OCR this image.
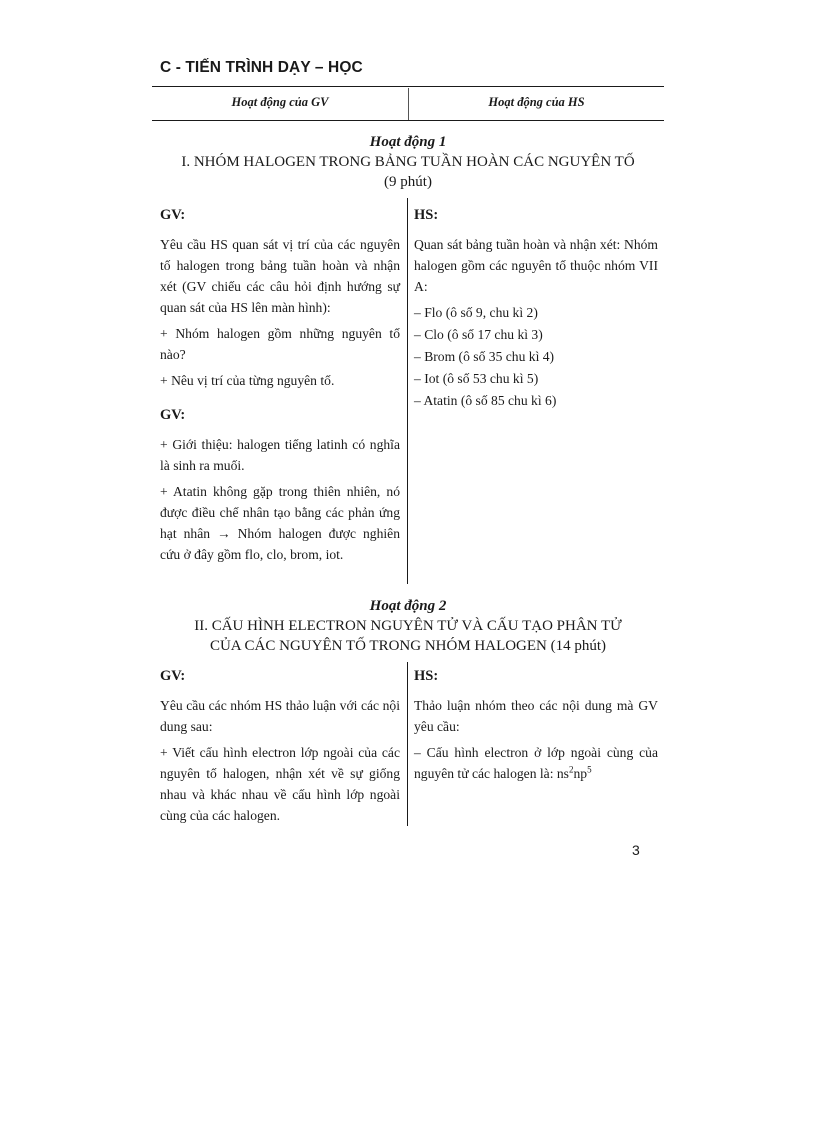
C - TIẾN TRÌNH DẠY – HỌC
Hoạt động của GV	Hoạt động của HS
Hoạt động 1
I. NHÓM HALOGEN TRONG BẢNG TUẦN HOÀN CÁC NGUYÊN TỐ
(9 phút)

GV:

Yêu cầu HS quan sát vị trí của các nguyên tố halogen trong bảng tuần hoàn và nhận xét (GV chiếu các câu hỏi định hướng sự quan sát của HS lên màn hình):

+ Nhóm halogen gồm những nguyên tố nào?

+ Nêu vị trí của từng nguyên tố.

GV:

+ Giới thiệu: halogen tiếng latinh có nghĩa là sinh ra muối.

+ Atatin không gặp trong thiên nhiên, nó được điều chế nhân tạo bằng các phản ứng hạt nhân → Nhóm halogen được nghiên cứu ở đây gồm flo, clo, brom, iot.

HS:

Quan sát bảng tuần hoàn và nhận xét: Nhóm halogen gồm các nguyên tố thuộc nhóm VII A:

– Flo (ô số 9, chu kì 2)

– Clo (ô số 17 chu kì 3)

– Brom (ô số 35 chu kì 4)

– Iot (ô số 53 chu kì 5)

– Atatin (ô số 85 chu kì 6)

Hoạt động 2
II. CẤU HÌNH ELECTRON NGUYÊN TỬ VÀ CẤU TẠO PHÂN TỬ
CỦA CÁC NGUYÊN TỐ TRONG NHÓM HALOGEN (14 phút)

GV:

Yêu cầu các nhóm HS thảo luận với các nội dung sau:

+ Viết cấu hình electron lớp ngoài của các nguyên tố halogen, nhận xét về sự giống nhau và khác nhau về cấu hình lớp ngoài cùng của các halogen.

HS:

Thảo luận nhóm theo các nội dung mà GV yêu cầu:

– Cấu hình electron ở lớp ngoài cùng của nguyên tử các halogen là: $ns^2np^5$

3
